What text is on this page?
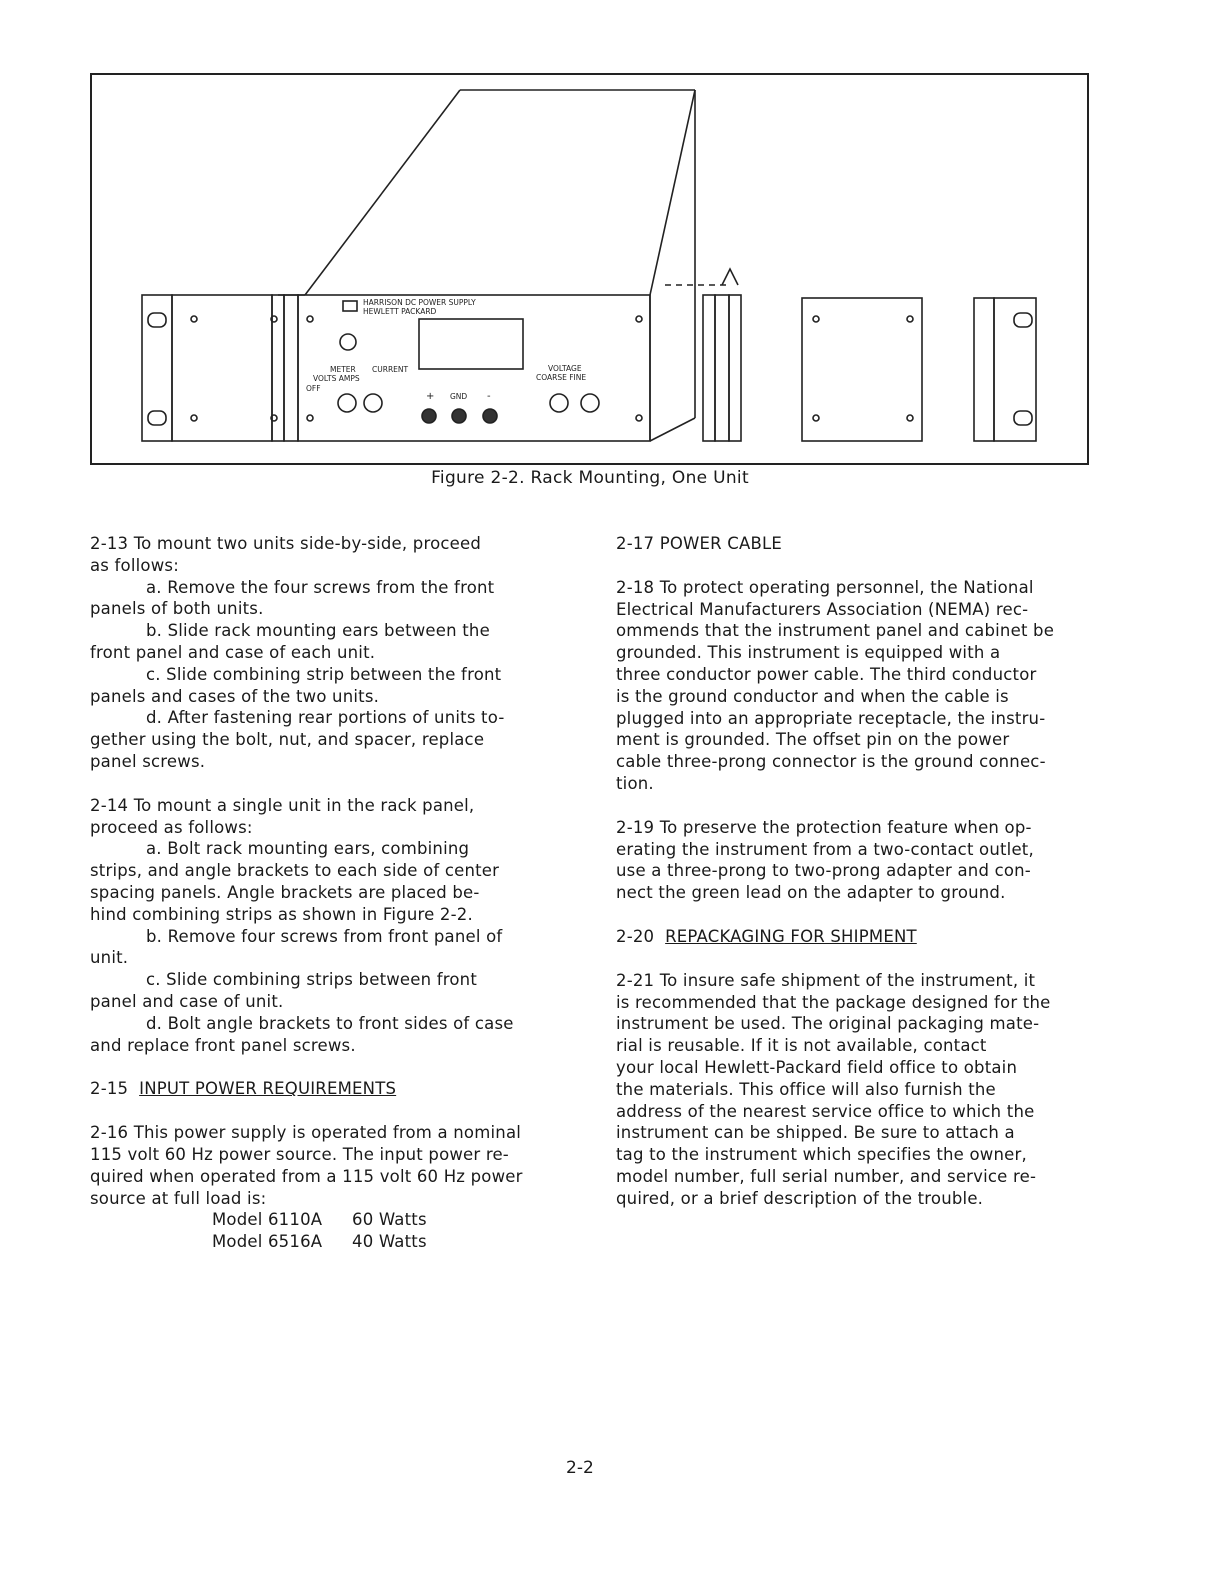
HARRISON DC POWER SUPPLY
HEWLETT PACKARD
METER CURRENT
VOLTS AMPS
OFF
VOLTAGE
COARSE FINE
+ GND -
Figure 2-2. Rack Mounting, One Unit

2-13 To mount two units side-by-side, proceed

as follows:

a. Remove the four screws from the front

panels of both units.

b. Slide rack mounting ears between the

front panel and case of each unit.

c. Slide combining strip between the front

panels and cases of the two units.

d. After fastening rear portions of units to-

gether using the bolt, nut, and spacer, replace

panel screws.

2-14 To mount a single unit in the rack panel,

proceed as follows:

a. Bolt rack mounting ears, combining

strips, and angle brackets to each side of center

spacing panels. Angle brackets are placed be-

hind combining strips as shown in Figure 2-2.

b. Remove four screws from front panel of

unit.

c. Slide combining strips between front

panel and case of unit.

d. Bolt angle brackets to front sides of case

and replace front panel screws.

2-15 INPUT POWER REQUIREMENTS

2-16 This power supply is operated from a nominal

115 volt 60 Hz power source. The input power re-

quired when operated from a 115 volt 60 Hz power

source at full load is:

Model 6110A 60 Watts

Model 6516A 40 Watts

2-17 POWER CABLE

2-18 To protect operating personnel, the National

Electrical Manufacturers Association (NEMA) rec-

ommends that the instrument panel and cabinet be

grounded. This instrument is equipped with a

three conductor power cable. The third conductor

is the ground conductor and when the cable is

plugged into an appropriate receptacle, the instru-

ment is grounded. The offset pin on the power

cable three-prong connector is the ground connec-

tion.

2-19 To preserve the protection feature when op-

erating the instrument from a two-contact outlet,

use a three-prong to two-prong adapter and con-

nect the green lead on the adapter to ground.

2-20 REPACKAGING FOR SHIPMENT

2-21 To insure safe shipment of the instrument, it

is recommended that the package designed for the

instrument be used. The original packaging mate-

rial is reusable. If it is not available, contact

your local Hewlett-Packard field office to obtain

the materials. This office will also furnish the

address of the nearest service office to which the

instrument can be shipped. Be sure to attach a

tag to the instrument which specifies the owner,

model number, full serial number, and service re-

quired, or a brief description of the trouble.

2-2
